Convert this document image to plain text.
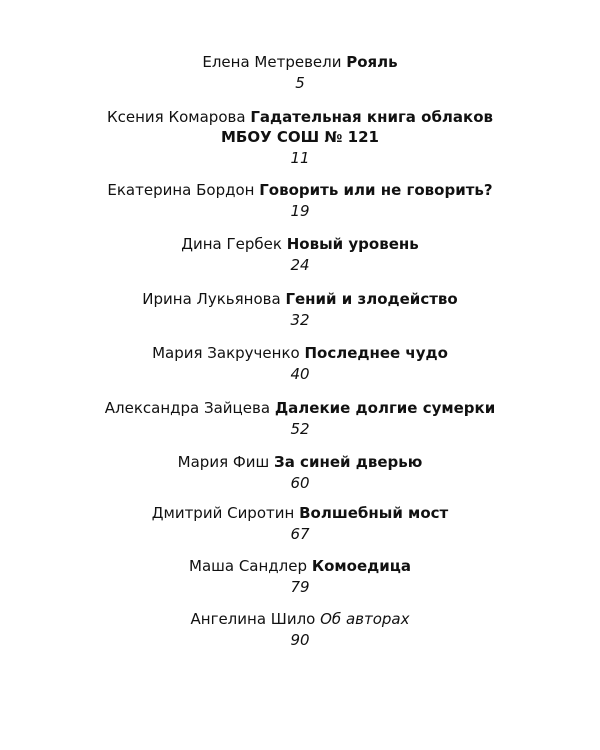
Елена Метревели Рояль
5
Ксения Комарова Гадательная книга облаков
МБОУ СОШ № 121
11
Екатерина Бордон Говорить или не говорить?
19
Дина Гербек Новый уровень
24
Ирина Лукьянова Гений и злодейство
32
Мария Закрученко Последнее чудо
40
Александра Зайцева Далекие долгие сумерки
52
Мария Фиш За синей дверью
60
Дмитрий Сиротин Волшебный мост
67
Маша Сандлер Комоедица
79
Ангелина Шило Об авторах
90
